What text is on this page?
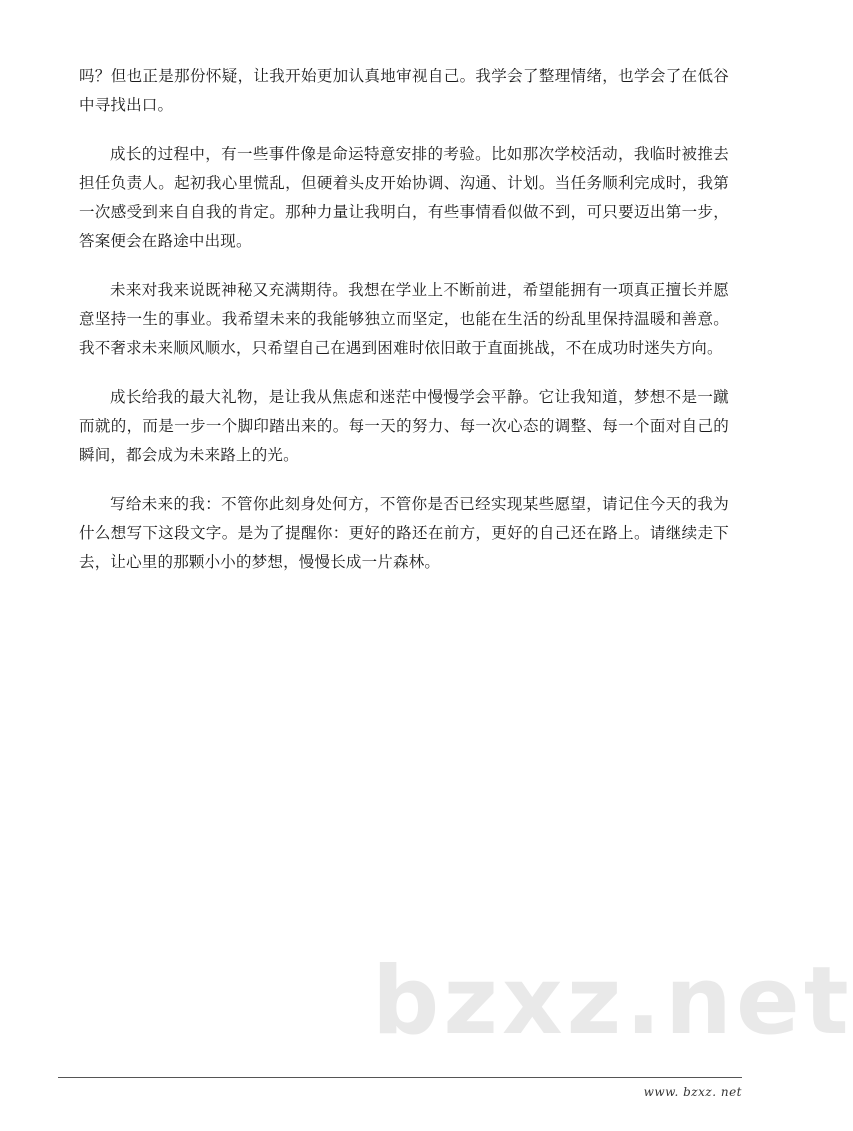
吗？但也正是那份怀疑，让我开始更加认真地审视自己。我学会了整理情绪，也学会了在低谷中寻找出口。

成长的过程中，有一些事件像是命运特意安排的考验。比如那次学校活动，我临时被推去担任负责人。起初我心里慌乱，但硬着头皮开始协调、沟通、计划。当任务顺利完成时，我第一次感受到来自自我的肯定。那种力量让我明白，有些事情看似做不到，可只要迈出第一步，答案便会在路途中出现。

未来对我来说既神秘又充满期待。我想在学业上不断前进，希望能拥有一项真正擅长并愿意坚持一生的事业。我希望未来的我能够独立而坚定，也能在生活的纷乱里保持温暖和善意。我不奢求未来顺风顺水，只希望自己在遇到困难时依旧敢于直面挑战，不在成功时迷失方向。

成长给我的最大礼物，是让我从焦虑和迷茫中慢慢学会平静。它让我知道，梦想不是一蹴而就的，而是一步一个脚印踏出来的。每一天的努力、每一次心态的调整、每一个面对自己的瞬间，都会成为未来路上的光。

写给未来的我：不管你此刻身处何方，不管你是否已经实现某些愿望，请记住今天的我为什么想写下这段文字。是为了提醒你：更好的路还在前方，更好的自己还在路上。请继续走下去，让心里的那颗小小的梦想，慢慢长成一片森林。

bzxz.net
www. bzxz. net
